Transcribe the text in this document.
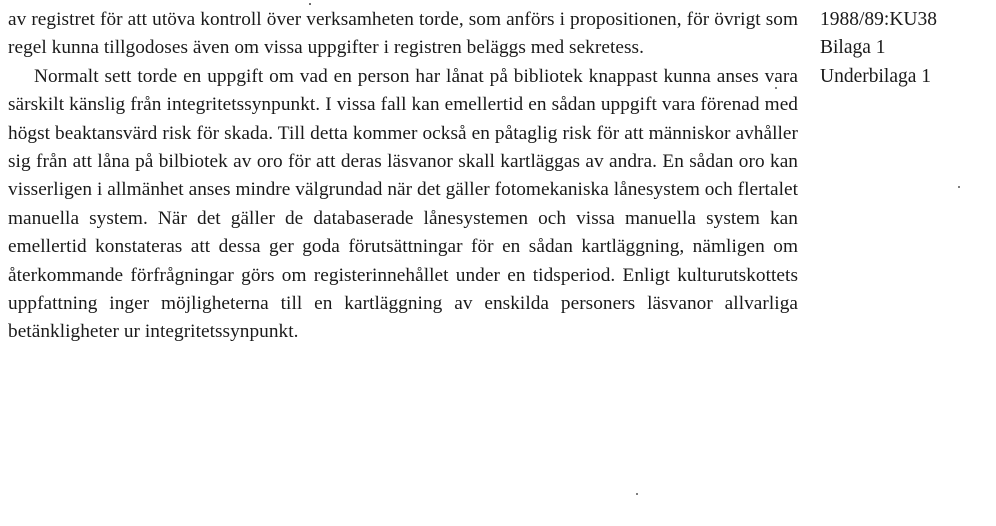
av registret för att utöva kontroll över verksamheten torde, som anförs i propositionen, för övrigt som regel kunna tillgodoses även om vissa uppgifter i registren beläggs med sekretess.

Normalt sett torde en uppgift om vad en person har lånat på bibliotek knappast kunna anses vara särskilt känslig från integritetssynpunkt. I vissa fall kan emellertid en sådan uppgift vara förenad med högst beaktansvärd risk för skada. Till detta kommer också en påtaglig risk för att människor avhåller sig från att låna på bilbiotek av oro för att deras läsvanor skall kartläggas av andra. En sådan oro kan visserligen i allmänhet anses mindre välgrundad när det gäller fotomekaniska lånesystem och flertalet manuella system. När det gäller de databaserade lånesystemen och vissa manuella system kan emellertid konstateras att dessa ger goda förutsättningar för en sådan kartläggning, nämligen om återkommande förfrågningar görs om registerinnehållet under en tidsperiod. Enligt kulturutskottets uppfattning inger möjligheterna till en kartläggning av enskilda personers läsvanor allvarliga betänkligheter ur integritetssynpunkt.

1988/89:KU38
Bilaga 1
Underbilaga 1
